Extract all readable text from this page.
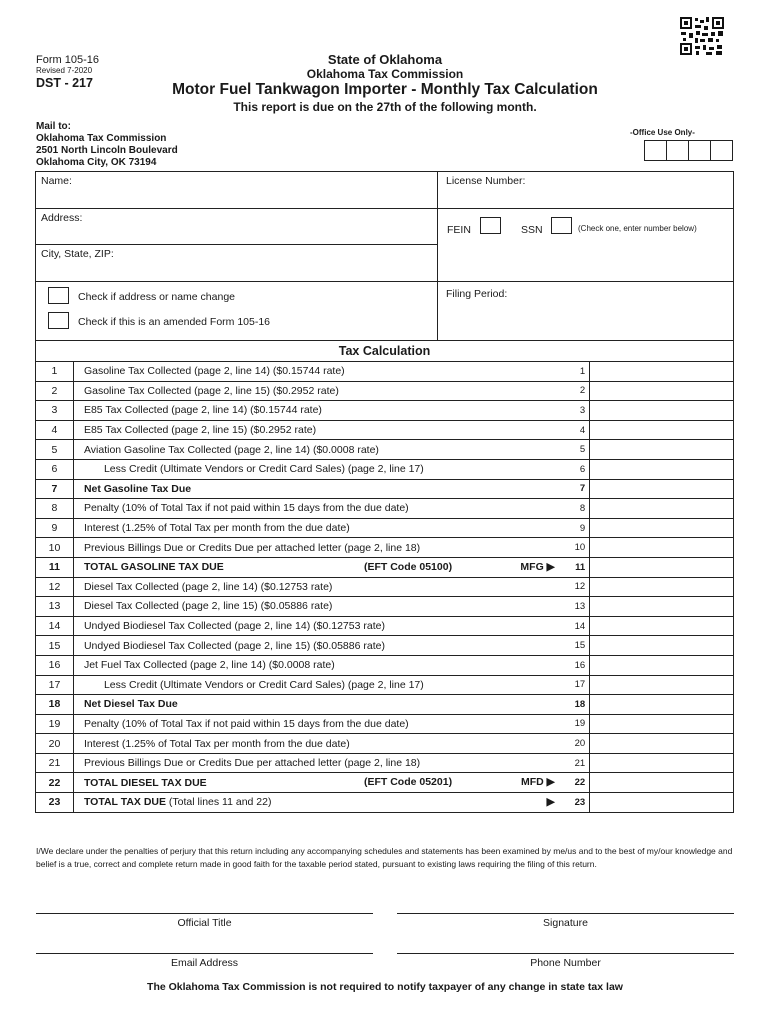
Form 105-16
Revised 7-2020
DST - 217
State of Oklahoma
Oklahoma Tax Commission
Motor Fuel Tankwagon Importer - Monthly Tax Calculation
This report is due on the 27th of the following month.
Mail to:
Oklahoma Tax Commission
2501 North Lincoln Boulevard
Oklahoma City, OK 73194
-Office Use Only-
Name:	License Number:
Address:
FEIN	SSN	(Check one, enter number below)
City, State, ZIP:
Filing Period:
Check if address or name change
Check if this is an amended Form 105-16
Tax Calculation			
1	Gasoline Tax Collected (page 2, line 14) ($0.15744 rate)	1	
2	Gasoline Tax Collected (page 2, line 15) ($0.2952 rate)	2	
3	E85 Tax Collected (page 2, line 14) ($0.15744 rate)	3	
4	E85 Tax Collected (page 2, line 15) ($0.2952 rate)	4	
5	Aviation Gasoline Tax Collected (page 2, line 14) ($0.0008 rate)	5	
6	Less Credit (Ultimate Vendors or Credit Card Sales) (page 2, line 17)	6	
7	Net Gasoline Tax Due	7	
8	Penalty (10% of Total Tax if not paid within 15 days from the due date)	8	
9	Interest (1.25% of Total Tax per month from the due date)	9	
10	Previous Billings Due or Credits Due per attached letter (page 2, line 18)	10	
11	TOTAL GASOLINE TAX DUE (EFT Code 05100) MFG ▶	11	
12	Diesel Tax Collected (page 2, line 14) ($0.12753 rate)	12	
13	Diesel Tax Collected (page 2, line 15) ($0.05886 rate)	13	
14	Undyed Biodiesel Tax Collected (page 2, line 14) ($0.12753 rate)	14	
15	Undyed Biodiesel Tax Collected (page 2, line 15) ($0.05886 rate)	15	
16	Jet Fuel Tax Collected (page 2, line 14) ($0.0008 rate)	16	
17	Less Credit (Ultimate Vendors or Credit Card Sales) (page 2, line 17)	17	
18	Net Diesel Tax Due	18	
19	Penalty (10% of Total Tax if not paid within 15 days from the due date)	19	
20	Interest (1.25% of Total Tax per month from the due date)	20	
21	Previous Billings Due or Credits Due per attached letter (page 2, line 18)	21	
22	TOTAL DIESEL TAX DUE (EFT Code 05201) MFD ▶	22	
23	TOTAL TAX DUE (Total lines 11 and 22) ▶	23	
I/We declare under the penalties of perjury that this return including any accompanying schedules and statements has been examined by me/us and to the best of my/our knowledge and belief is a true, correct and complete return made in good faith for the taxable period stated, pursuant to existing laws requiring the filing of this return.
Official Title	Signature
Email Address	Phone Number
The Oklahoma Tax Commission is not required to notify taxpayer of any change in state tax law
